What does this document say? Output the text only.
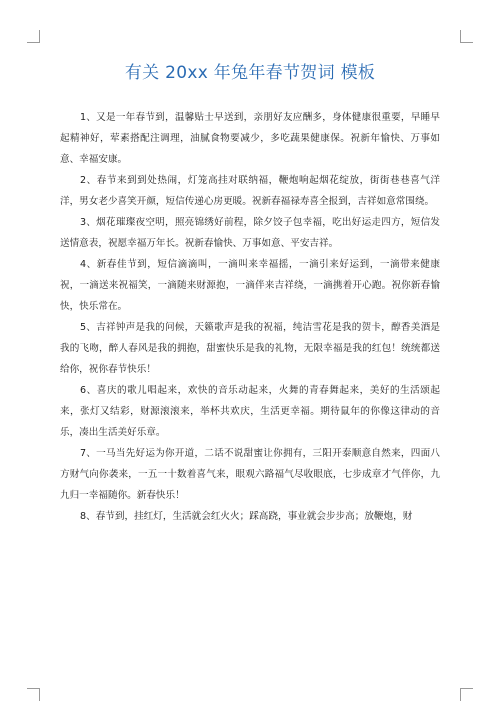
有关 20xx 年兔年春节贺词 模板

1、又是一年春节到，温馨贴士早送到，亲朋好友应酬多，身体健康很重要，早睡早起精神好，荤素搭配注调理，油腻食物要减少，多吃蔬果健康保。祝新年愉快、万事如意、幸福安康。

2、春节来到到处热闹，灯笼高挂对联纳福，鞭炮响起烟花绽放，街街巷巷喜气洋洋，男女老少喜笑开颜，短信传递心房更暖。祝新春福禄寿喜全报到，吉祥如意常围绕。

3、烟花璀璨夜空明，照亮锦绣好前程，除夕饺子包幸福，吃出好运走四方，短信发送情意表，祝愿幸福万年长。祝新春愉快、万事如意、平安吉祥。

4、新春佳节到，短信滴滴叫，一滴叫来幸福摇，一滴引来好运到，一滴带来健康祝，一滴送来祝福笑，一滴随来财源抱，一滴伴来吉祥绕，一滴携着开心跑。祝你新春愉快，快乐常在。

5、吉祥钟声是我的问候，天籁歌声是我的祝福，纯洁雪花是我的贺卡，醇香美酒是我的飞吻，醉人春风是我的拥抱，甜蜜快乐是我的礼物，无限幸福是我的红包！统统都送给你，祝你春节快乐！

6、喜庆的歌儿唱起来，欢快的音乐动起来，火舞的青春舞起来，美好的生活颂起来，张灯又结彩，财源滚滚来，举杯共欢庆，生活更幸福。期待鼠年的你像这律动的音乐，凑出生活美好乐章。

7、一马当先好运为你开道，二话不说甜蜜让你拥有，三阳开泰顺意自然来，四面八方财气向你袭来，一五一十数着喜气来，眼观六路福气尽收眼底，七步成章才气伴你，九九归一幸福随你。新春快乐！

8、春节到，挂红灯，生活就会红火火；踩高跷，事业就会步步高；放鞭炮，财
